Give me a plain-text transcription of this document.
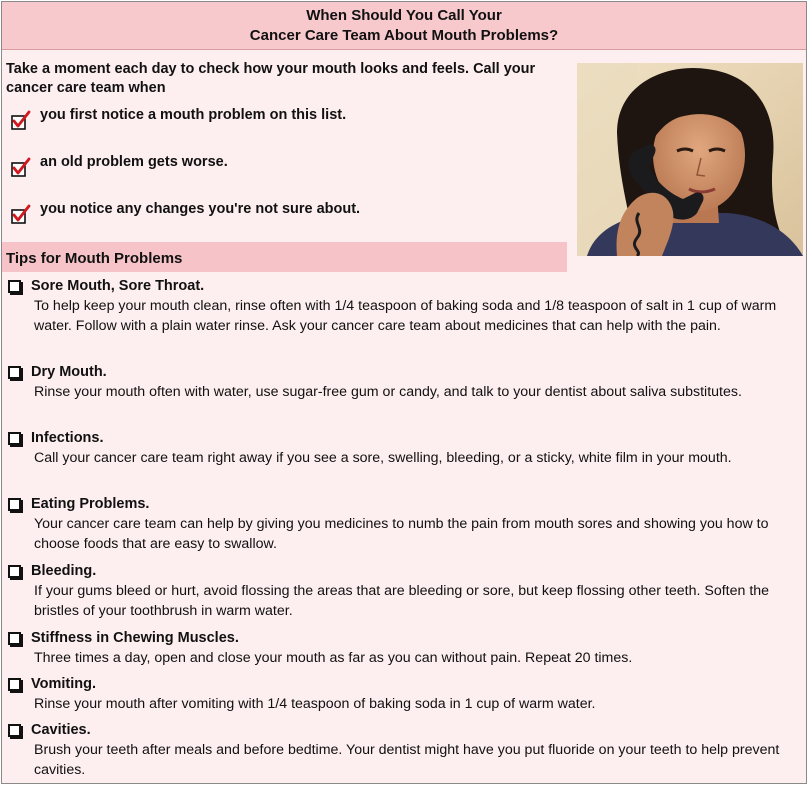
When Should You Call Your
Cancer Care Team About Mouth Problems?
Take a moment each day to check how your mouth looks and feels. Call your cancer care team when
you first notice a mouth problem on this list.
an old problem gets worse.
you notice any changes you're not sure about.
Tips for Mouth Problems
Sore Mouth, Sore Throat.
To help keep your mouth clean, rinse often with 1/4 teaspoon of baking soda and 1/8 teaspoon of salt in 1 cup of warm water. Follow with a plain water rinse. Ask your cancer care team about medicines that can help with the pain.
Dry Mouth.
Rinse your mouth often with water, use sugar-free gum or candy, and talk to your dentist about saliva substitutes.
Infections.
Call your cancer care team right away if you see a sore, swelling, bleeding, or a sticky, white film in your mouth.
Eating Problems.
Your cancer care team can help by giving you medicines to numb the pain from mouth sores and showing you how to choose foods that are easy to swallow.
Bleeding.
If your gums bleed or hurt, avoid flossing the areas that are bleeding or sore, but keep flossing other teeth. Soften the bristles of your toothbrush in warm water.
Stiffness in Chewing Muscles.
Three times a day, open and close your mouth as far as you can without pain. Repeat 20 times.
Vomiting.
Rinse your mouth after vomiting with 1/4 teaspoon of baking soda in 1 cup of warm water.
Cavities.
Brush your teeth after meals and before bedtime. Your dentist might have you put fluoride on your teeth to help prevent cavities.
